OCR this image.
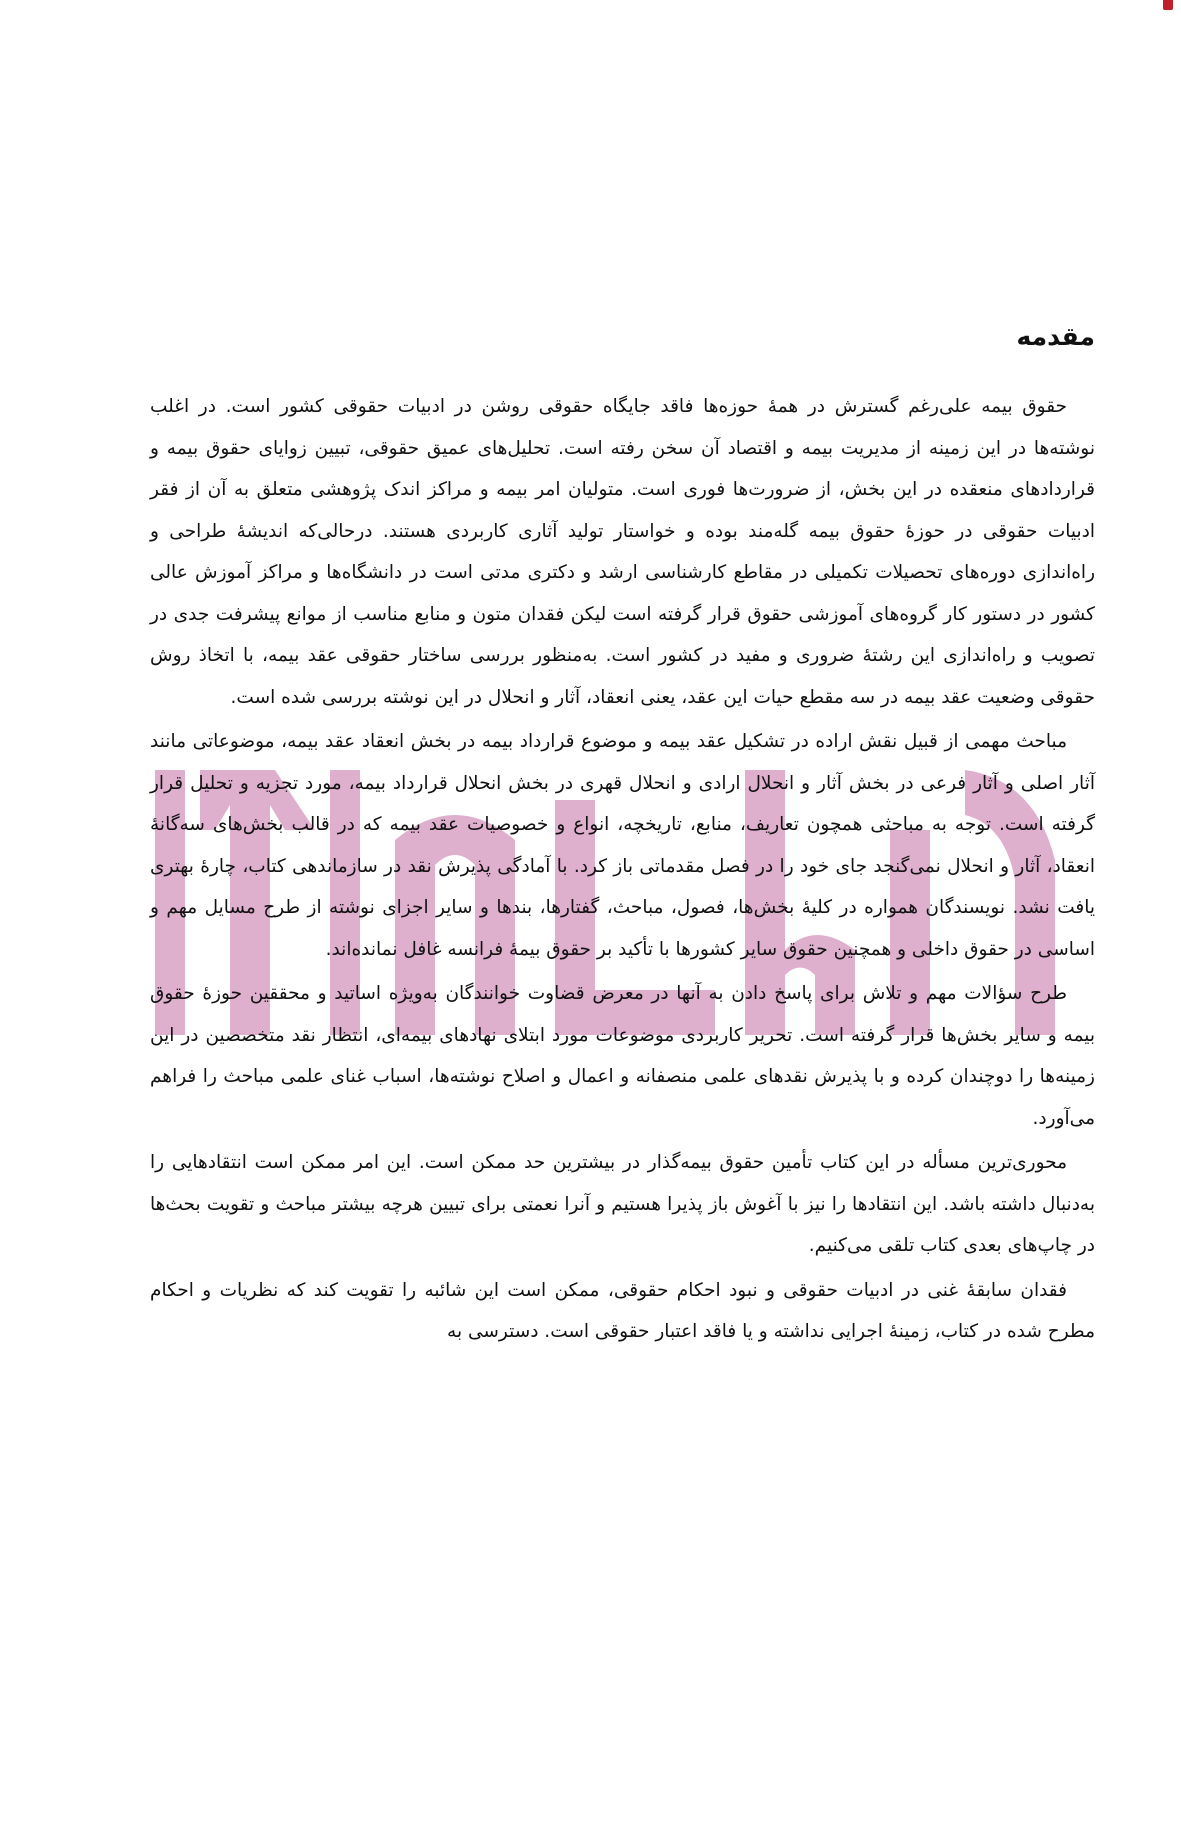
مقدمه

حقوق بیمه علی‌رغم گسترش در همهٔ حوزه‌ها فاقد جایگاه حقوقی روشن در ادبیات حقوقی کشور است. در اغلب نوشته‌ها در این زمینه از مدیریت بیمه و اقتصاد آن سخن رفته است. تحلیل‌های عمیق حقوقی، تبیین زوایای حقوق بیمه و قراردادهای منعقده در این بخش، از ضرورت‌ها فوری است. متولیان امر بیمه و مراکز اندک پژوهشی متعلق به آن از فقر ادبیات حقوقی در حوزهٔ حقوق بیمه گله‌مند بوده و خواستار تولید آثاری کاربردی هستند. درحالی‌که اندیشهٔ طراحی و راه‌اندازی دوره‌های تحصیلات تکمیلی در مقاطع کارشناسی ارشد و دکتری مدتی است در دانشگاه‌ها و مراکز آموزش عالی کشور در دستور کار گروه‌های آموزشی حقوق قرار گرفته است لیکن فقدان متون و منابع مناسب از موانع پیشرفت جدی در تصویب و راه‌اندازی این رشتهٔ ضروری و مفید در کشور است. به‌منظور بررسی ساختار حقوقی عقد بیمه، با اتخاذ روش حقوقی وضعیت عقد بیمه در سه مقطع حیات این عقد، یعنی انعقاد، آثار و انحلال در این نوشته بررسی شده است.

مباحث مهمی از قبیل نقش اراده در تشکیل عقد بیمه و موضوع قرارداد بیمه در بخش انعقاد عقد بیمه، موضوعاتی مانند آثار اصلی و آثار فرعی در بخش آثار و انحلال ارادی و انحلال قهری در بخش انحلال قرارداد بیمه، مورد تجزیه و تحلیل قرار گرفته است. توجه به مباحثی همچون تعاریف، منابع، تاریخچه، انواع و خصوصیات عقد بیمه که در قالب بخش‌های سه‌گانهٔ انعقاد، آثار و انحلال نمی‌گنجد جای خود را در فصل مقدماتی باز کرد. با آمادگی پذیرش نقد در سازماندهی کتاب، چارهٔ بهتری یافت نشد. نویسندگان همواره در کلیهٔ بخش‌ها، فصول، مباحث، گفتارها، بندها و سایر اجزای نوشته از طرح مسایل مهم و اساسی در حقوق داخلی و همچنین حقوق سایر کشورها با تأکید بر حقوق بیمهٔ فرانسه غافل نمانده‌اند.

طرح سؤالات مهم و تلاش برای پاسخ دادن به آنها در معرض قضاوت خوانندگان به‌ویژه اساتید و محققین حوزهٔ حقوق بیمه و سایر بخش‌ها قرار گرفته است. تحریر کاربردی موضوعات مورد ابتلای نهادهای بیمه‌ای، انتظار نقد متخصصین در این زمینه‌ها را دوچندان کرده و با پذیرش نقدهای علمی منصفانه و اعمال و اصلاح نوشته‌ها، اسباب غنای علمی مباحث را فراهم می‌آورد.

محوری‌ترین مسأله در این کتاب تأمین حقوق بیمه‌گذار در بیشترین حد ممکن است. این امر ممکن است انتقادهایی را به‌دنبال داشته باشد. این انتقادها را نیز با آغوش باز پذیرا هستیم و آنرا نعمتی برای تبیین هرچه بیشتر مباحث و تقویت بحث‌ها در چاپ‌های بعدی کتاب تلقی می‌کنیم.

فقدان سابقهٔ غنی در ادبیات حقوقی و نبود احکام حقوقی، ممکن است این شائبه را تقویت کند که نظریات و احکام مطرح شده در کتاب، زمینهٔ اجرایی نداشته و یا فاقد اعتبار حقوقی است. دسترسی به
